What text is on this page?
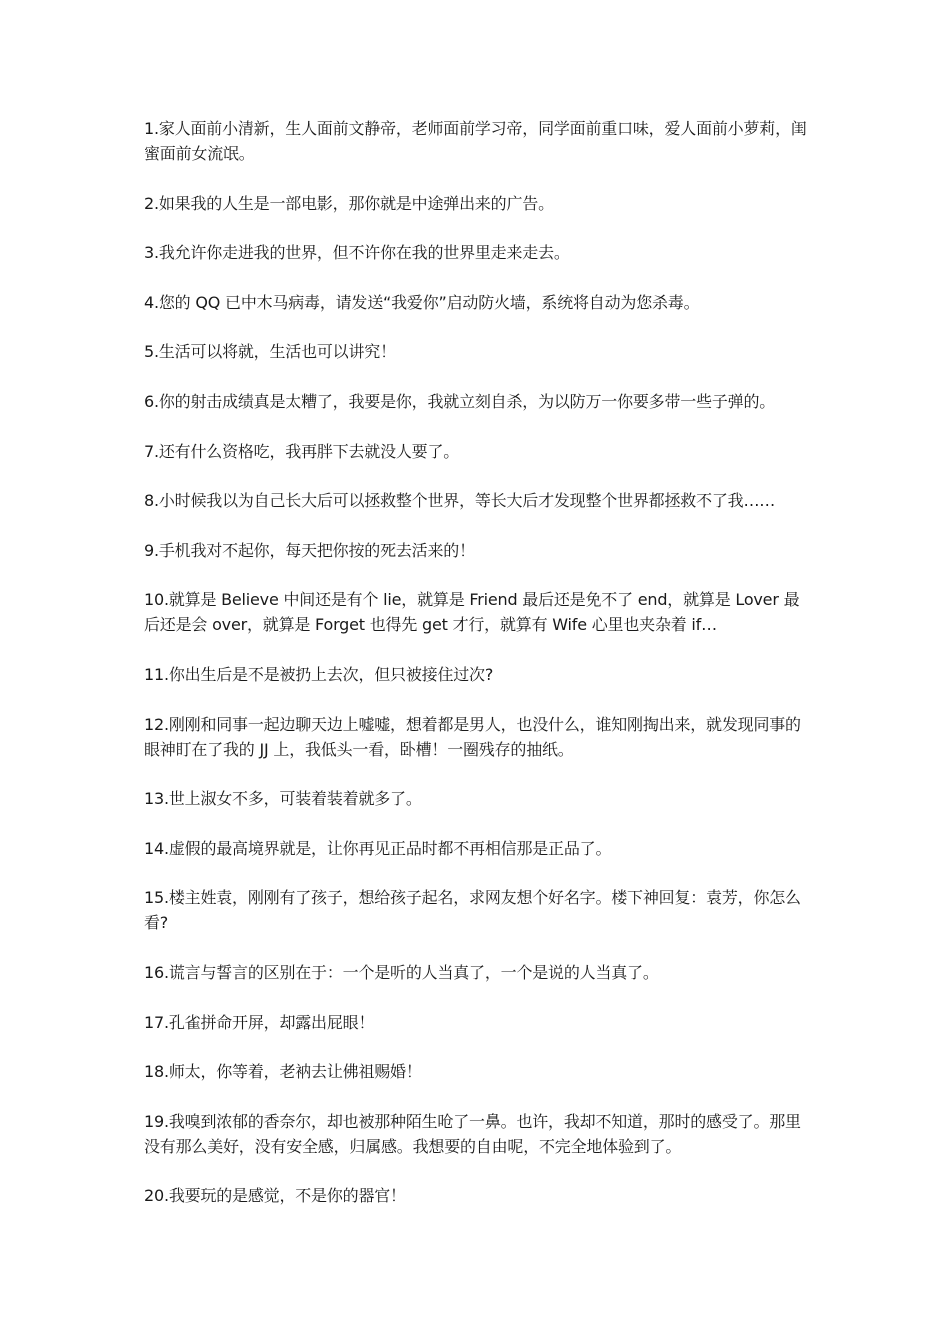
1.家人面前小清新，生人面前文静帝，老师面前学习帝，同学面前重口味，爱人面前小萝莉，闺蜜面前女流氓。

2.如果我的人生是一部电影，那你就是中途弹出来的广告。

3.我允许你走进我的世界，但不许你在我的世界里走来走去。

4.您的 QQ 已中木马病毒，请发送“我爱你”启动防火墙，系统将自动为您杀毒。

5.生活可以将就，生活也可以讲究！

6.你的射击成绩真是太糟了，我要是你，我就立刻自杀，为以防万一你要多带一些子弹的。

7.还有什么资格吃，我再胖下去就没人要了。

8.小时候我以为自己长大后可以拯救整个世界，等长大后才发现整个世界都拯救不了我……

9.手机我对不起你，每天把你按的死去活来的！

10.就算是 Believe 中间还是有个 lie，就算是 Friend 最后还是免不了 end，就算是 Lover 最后还是会 over，就算是 Forget 也得先 get 才行，就算有 Wife 心里也夹杂着 if…

11.你出生后是不是被扔上去次，但只被接住过次?

12.刚刚和同事一起边聊天边上嘘嘘，想着都是男人，也没什么，谁知刚掏出来，就发现同事的眼神盯在了我的 JJ 上，我低头一看，卧槽！一圈残存的抽纸。

13.世上淑女不多，可装着装着就多了。

14.虚假的最高境界就是，让你再见正品时都不再相信那是正品了。

15.楼主姓袁，刚刚有了孩子，想给孩子起名，求网友想个好名字。楼下神回复：袁芳，你怎么看?

16.谎言与誓言的区别在于：一个是听的人当真了，一个是说的人当真了。

17.孔雀拼命开屏，却露出屁眼！

18.师太，你等着，老衲去让佛祖赐婚！

19.我嗅到浓郁的香奈尔，却也被那种陌生呛了一鼻。也许，我却不知道，那时的感受了。那里没有那么美好，没有安全感，归属感。我想要的自由呢，不完全地体验到了。

20.我要玩的是感觉，不是你的器官！
